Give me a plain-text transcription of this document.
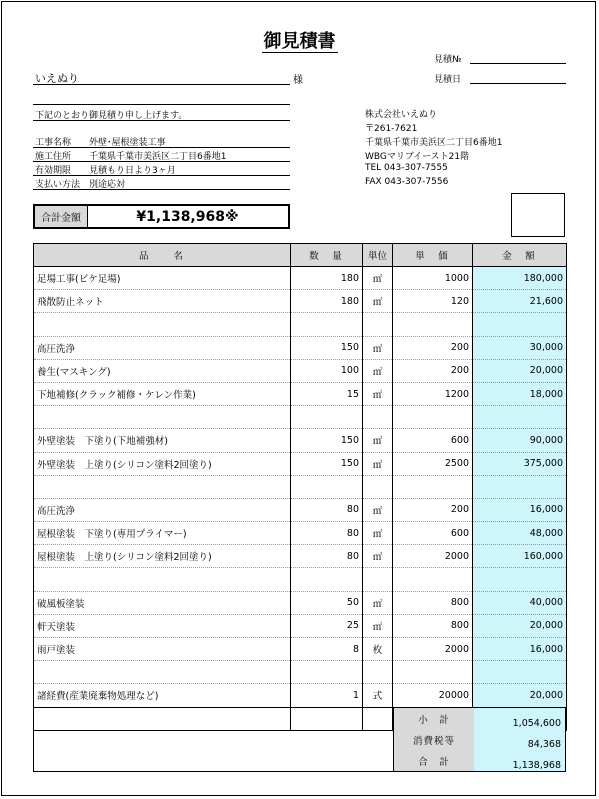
御見積書
見積№
見積日
いえぬり	様
下記のとおり御見積り申し上げます。
工事名称 外壁･屋根塗装工事
施工住所 千葉県千葉市美浜区二丁目6番地1
有効期限 見積もり日より3ヶ月
支払い方法 別途応対
株式会社いえぬり
〒261-7621
千葉県千葉市美浜区二丁目6番地1
WBGマリブイースト21階
TEL 043-307-7555
FAX 043-307-7556
合計金額	¥1,138,968※
品　　名	数　量	単位	単　価	金　額
足場工事(ビケ足場)	180	㎡	1000	180,000
飛散防止ネット	180	㎡	120	21,600

高圧洗浄	150	㎡	200	30,000
養生(マスキング)	100	㎡	200	20,000
下地補修(クラック補修・ケレン作業)	15	㎡	1200	18,000

外壁塗装　下塗り(下地補強材)	150	㎡	600	90,000
外壁塗装　上塗り(シリコン塗料2回塗り)	150	㎡	2500	375,000

高圧洗浄	80	㎡	200	16,000
屋根塗装　下塗り(専用プライマー)	80	㎡	600	48,000
屋根塗装　上塗り(シリコン塗料2回塗り)	80	㎡	2000	160,000

破風板塗装	50	㎡	800	40,000
軒天塗装	25	㎡	800	20,000
雨戸塗装	8	枚	2000	16,000

諸経費(産業廃棄物処理など)	1	式	20000	20,000

小　計	1,054,600
消費税等	84,368
合　計	1,138,968
